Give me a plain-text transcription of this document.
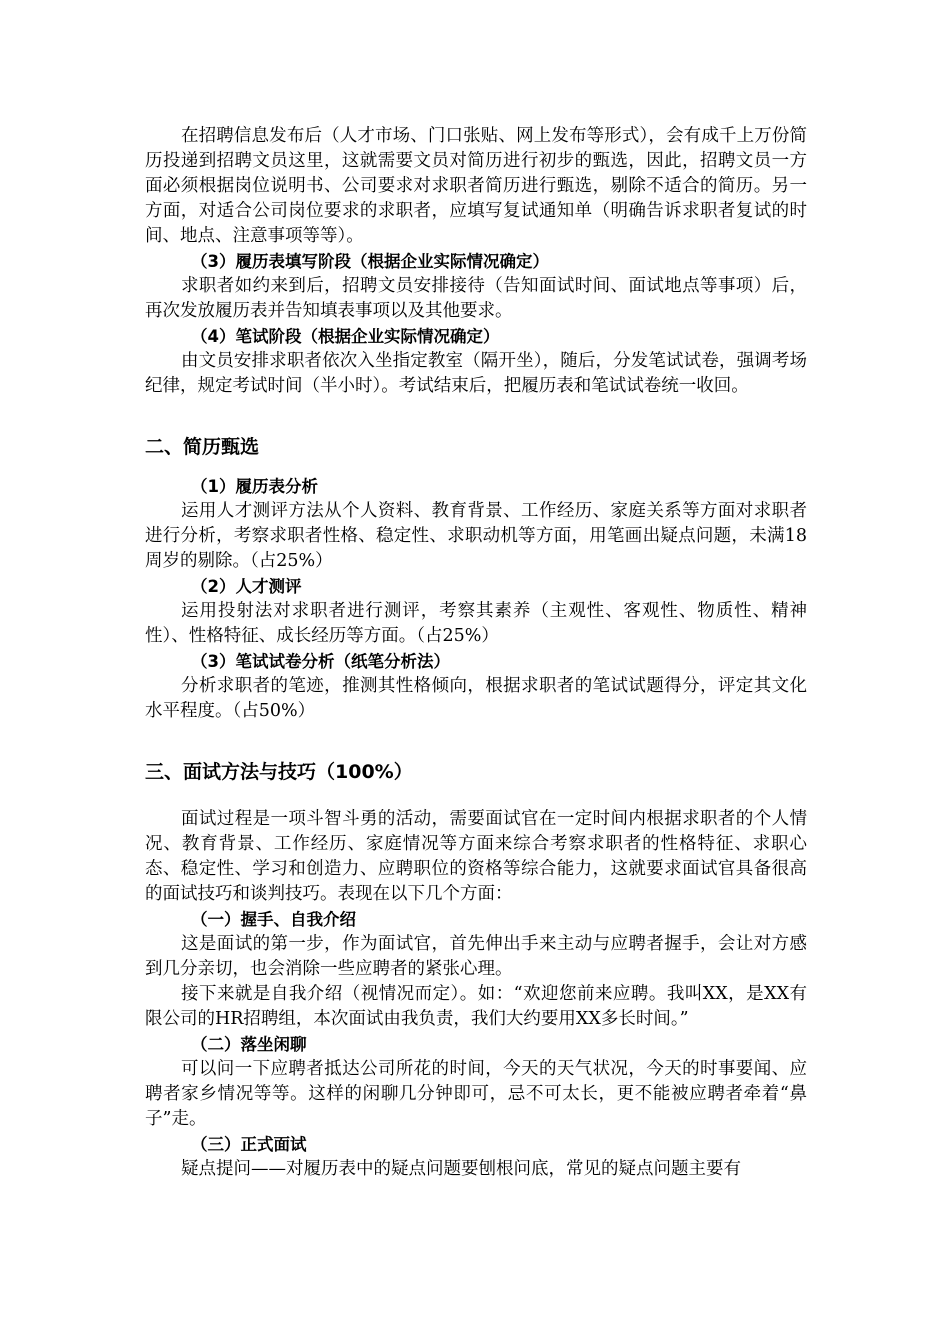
在招聘信息发布后（人才市场、门口张贴、网上发布等形式），会有成千上万份简历投递到招聘文员这里，这就需要文员对简历进行初步的甄选，因此，招聘文员一方面必须根据岗位说明书、公司要求对求职者简历进行甄选，剔除不适合的简历。另一方面，对适合公司岗位要求的求职者，应填写复试通知单（明确告诉求职者复试的时间、地点、注意事项等等）。

（3）履历表填写阶段（根据企业实际情况确定）

求职者如约来到后，招聘文员安排接待（告知面试时间、面试地点等事项）后，再次发放履历表并告知填表事项以及其他要求。

（4）笔试阶段（根据企业实际情况确定）

由文员安排求职者依次入坐指定教室（隔开坐），随后，分发笔试试卷，强调考场纪律，规定考试时间（半小时）。考试结束后，把履历表和笔试试卷统一收回。

二、简历甄选

（1）履历表分析

运用人才测评方法从个人资料、教育背景、工作经历、家庭关系等方面对求职者进行分析，考察求职者性格、稳定性、求职动机等方面，用笔画出疑点问题，未满18周岁的剔除。（占25%）

（2）人才测评

运用投射法对求职者进行测评，考察其素养（主观性、客观性、物质性、精神性）、性格特征、成长经历等方面。（占25%）

（3）笔试试卷分析（纸笔分析法）

分析求职者的笔迹，推测其性格倾向，根据求职者的笔试试题得分，评定其文化水平程度。（占50%）

三、面试方法与技巧（100%）

面试过程是一项斗智斗勇的活动，需要面试官在一定时间内根据求职者的个人情况、教育背景、工作经历、家庭情况等方面来综合考察求职者的性格特征、求职心态、稳定性、学习和创造力、应聘职位的资格等综合能力，这就要求面试官具备很高的面试技巧和谈判技巧。表现在以下几个方面：

（一）握手、自我介绍

这是面试的第一步，作为面试官，首先伸出手来主动与应聘者握手，会让对方感到几分亲切，也会消除一些应聘者的紧张心理。

接下来就是自我介绍（视情况而定）。如：“欢迎您前来应聘。我叫XX，是XX有限公司的HR招聘组，本次面试由我负责，我们大约要用XX多长时间。”

（二）落坐闲聊

可以问一下应聘者抵达公司所花的时间，今天的天气状况，今天的时事要闻、应聘者家乡情况等等。这样的闲聊几分钟即可，忌不可太长，更不能被应聘者牵着“鼻子”走。

（三）正式面试

疑点提问——对履历表中的疑点问题要刨根问底，常见的疑点问题主要有
